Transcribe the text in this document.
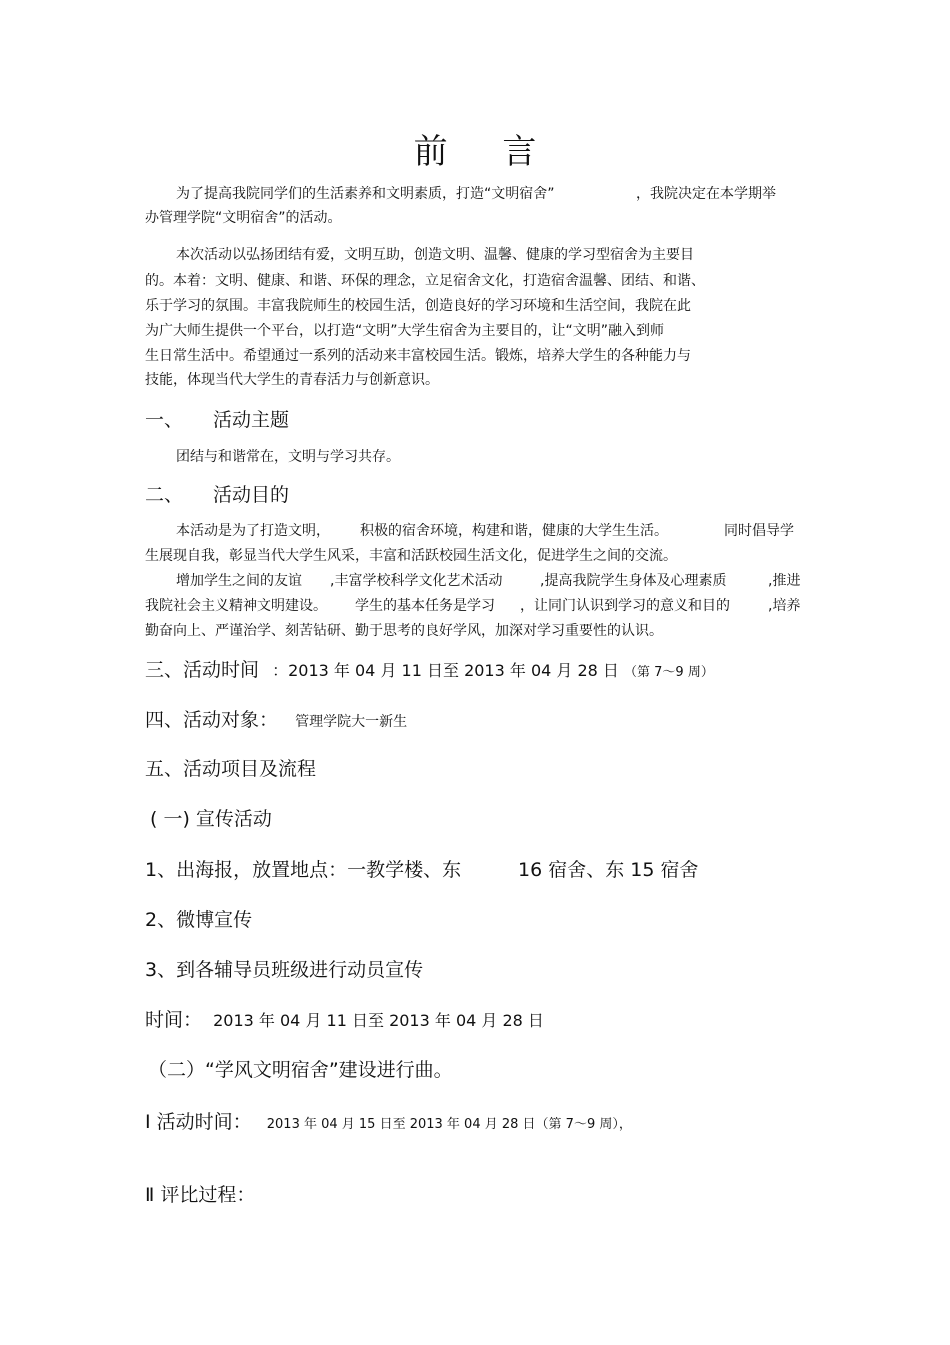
前 言
为了提高我院同学们的生活素养和文明素质，打造“文明宿舍”	，我院决定在本学期举
办管理学院“文明宿舍”的活动。
本次活动以弘扬团结有爱，文明互助，创造文明、温馨、健康的学习型宿舍为主要目
的。本着：文明、健康、和谐、环保的理念，立足宿舍文化，打造宿舍温馨、团结、和谐、
乐于学习的氛围。丰富我院师生的校园生活，创造良好的学习环境和生活空间，我院在此
为广大师生提供一个平台，以打造“文明”大学生宿舍为主要目的，让“文明”融入到师
生日常生活中。希望通过一系列的活动来丰富校园生活。锻炼，培养大学生的各种能力与
技能，体现当代大学生的青春活力与创新意识。
一、 活动主题
团结与和谐常在，文明与学习共存。
二、 活动目的
本活动是为了打造文明， 积极的宿舍环境，构建和谐，健康的大学生生活。	同时倡导学
生展现自我，彰显当代大学生风采，丰富和活跃校园生活文化，促进学生之间的交流。
增加学生之间的友谊 ,丰富学校科学文化艺术活动	,提高我院学生身体及心理素质	,推进
我院社会主义精神文明建设。 学生的基本任务是学习 ，让同门认识到学习的意义和目的	,培养
勤奋向上、严谨治学、刻苦钻研、勤于思考的良好学风，加深对学习重要性的认识。
三、活动时间 ：2013 年 04 月 11 日至 2013 年 04 月 28 日 （第 7～9 周）
四、活动对象： 管理学院大一新生
五、活动项目及流程
( 一) 宣传活动
1、出海报，放置地点：一教学楼、东	16 宿舍、东 15 宿舍
2、微博宣传
3、到各辅导员班级进行动员宣传
时间： 2013 年 04 月 11 日至 2013 年 04 月 28 日
（二）“学风文明宿舍”建设进行曲。
Ⅰ 活动时间： 2013 年 04 月 15 日至 2013 年 04 月 28 日（第 7～9 周），
Ⅱ 评比过程：
